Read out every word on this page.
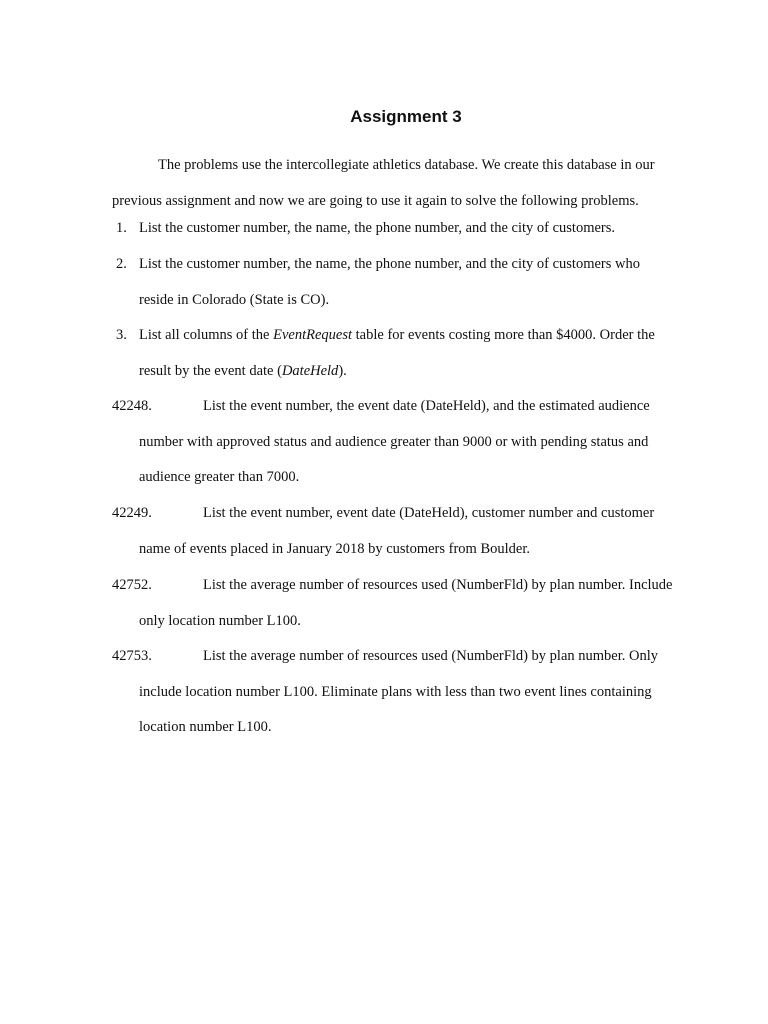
Assignment 3
The problems use the intercollegiate athletics database. We create this database in our
previous assignment and now we are going to use it again to solve the following problems.
1. List the customer number, the name, the phone number, and the city of customers.
2. List the customer number, the name, the phone number, and the city of customers who
reside in Colorado (State is CO).
3. List all columns of the EventRequest table for events costing more than $4000. Order the
result by the event date (DateHeld).
42248.	List the event number, the event date (DateHeld), and the estimated audience
number with approved status and audience greater than 9000 or with pending status and
audience greater than 7000.
42249.	List the event number, event date (DateHeld), customer number and customer
name of events placed in January 2018 by customers from Boulder.
42752.	List the average number of resources used (NumberFld) by plan number. Include
only location number L100.
42753.	List the average number of resources used (NumberFld) by plan number. Only
include location number L100. Eliminate plans with less than two event lines containing
location number L100.
